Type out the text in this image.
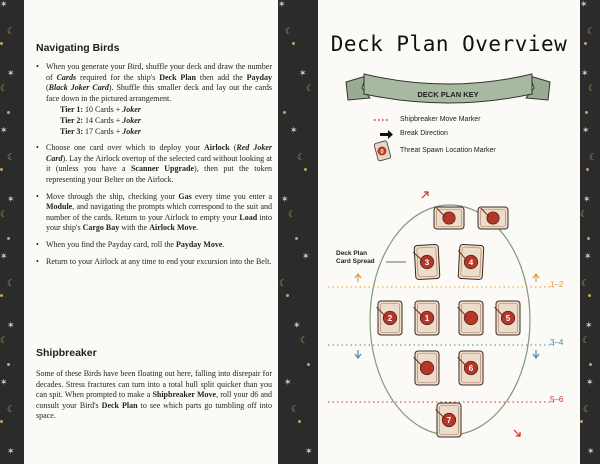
✶
☾
✶
☾
✶
☾
✶
☾
✶
☾
✶
☾
✶
☾
✶
✶
☾
✶
☾
✶
☾
✶
☾
✶
☾
✶
☾
✶
☾
✶
✶
☾
✶
☾
✶
☾
✶
☾
✶
☾
✶
☾
✶
☾
✶
Navigating Birds
• When you generate your Bird, shuffle your deck and draw the number of Cards required for the ship's Deck Plan then add the Payday (Black Joker Card). Shuffle this smaller deck and lay out the cards face down in the pictured arrangement.
Tier 1: 10 Cards + Joker
Tier 2: 14 Cards + Joker
Tier 3: 17 Cards + Joker
• Choose one card over which to deploy your Airlock (Red Joker Card). Lay the Airlock overtop of the selected card without looking at it (unless you have a Scanner Upgrade), then put the token representing your Belter on the Airlock.
• Move through the ship, checking your Gas every time you enter a Module, and navigating the prompts which correspond to the suit and number of the cards. Return to your Airlock to empty your Load into your ship's Cargo Bay with the Airlock Move.
• When you find the Payday card, roll the Payday Move.
• Return to your Airlock at any time to end your excursion into the Belt.
Shipbreaker
Some of these Birds have been floating out here, falling into disrepair for decades. Stress fractures can turn into a total hull split quicker than you can spit. When prompted to make a Shipbreaker Move, roll your d6 and consult your Bird's Deck Plan to see which parts go tumbling off into space.
Deck Plan Overview
DECK PLAN KEY
0
3	4
2	1	5
6
7
Shipbreaker Move Marker
Break Direction
Threat Spawn Location Marker
Deck Plan
Card Spread
1–2
3–4
5–6
